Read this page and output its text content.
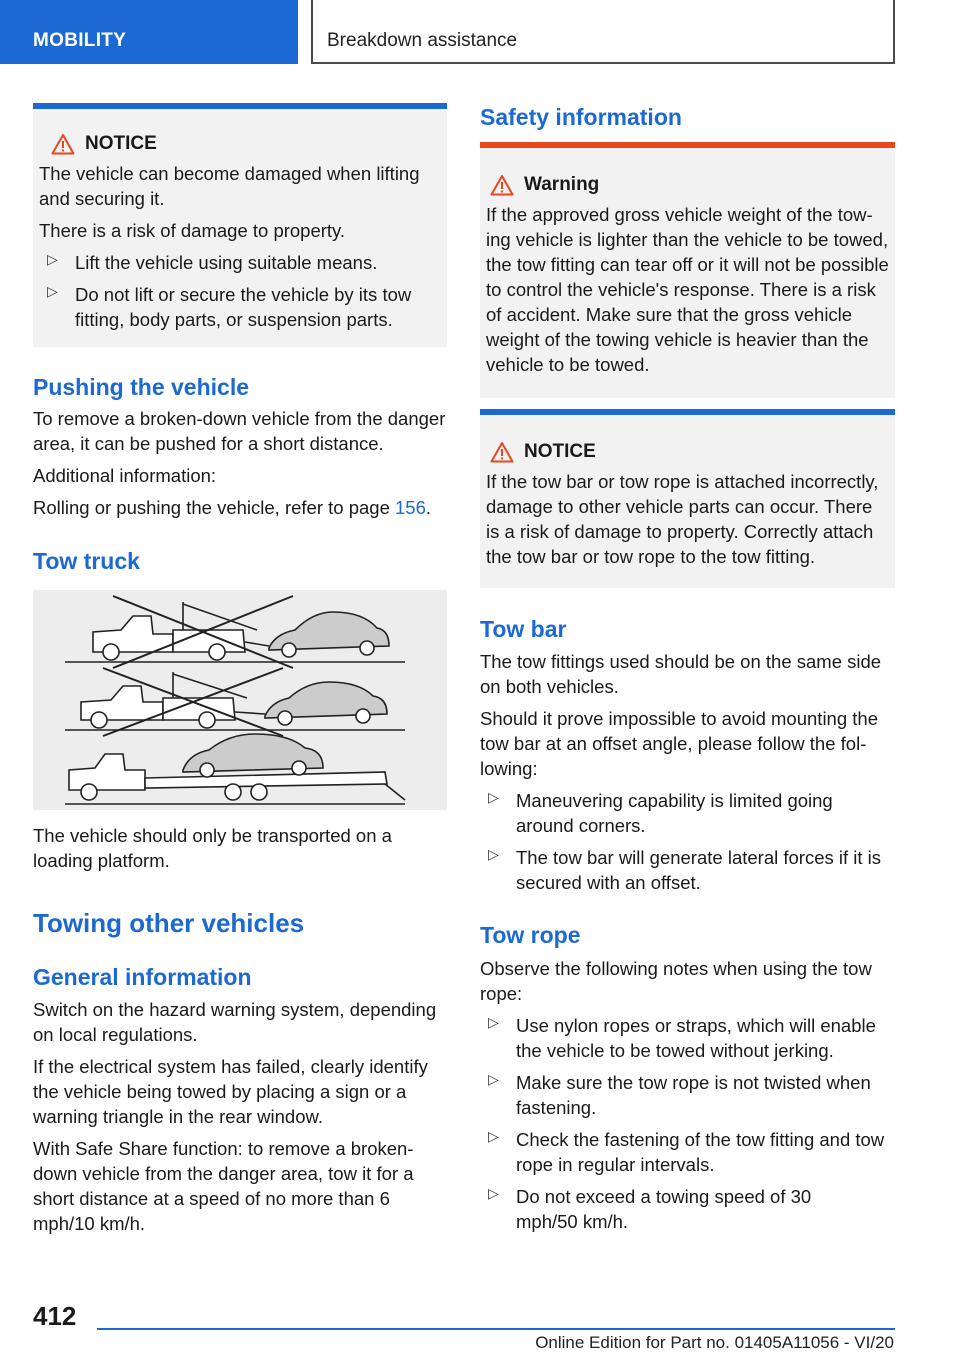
MOBILITY	Breakdown assistance
NOTICE

The vehicle can become damaged when lifting and securing it.

There is a risk of damage to property.

▷ Lift the vehicle using suitable means.

▷ Do not lift or secure the vehicle by its tow fitting, body parts, or suspension parts.

Pushing the vehicle

To remove a broken-down vehicle from the danger area, it can be pushed for a short distance.

Additional information:

Rolling or pushing the vehicle, refer to page 156.

Tow truck

The vehicle should only be transported on a loading platform.

Towing other vehicles
General information

Switch on the hazard warning system, depending on local regulations.

If the electrical system has failed, clearly identify the vehicle being towed by placing a sign or a warning triangle in the rear window.

With Safe Share function: to remove a broken-down vehicle from the danger area, tow it for a short distance at a speed of no more than 6 mph/10 km/h.

Safety information
Warning

If the approved gross vehicle weight of the towing vehicle is lighter than the vehicle to be towed, the tow fitting can tear off or it will not be possible to control the vehicle's response. There is a risk of accident. Make sure that the gross vehicle weight of the towing vehicle is heavier than the vehicle to be towed.

NOTICE

If the tow bar or tow rope is attached incorrectly, damage to other vehicle parts can occur. There is a risk of damage to property. Correctly attach the tow bar or tow rope to the tow fitting.

Tow bar

The tow fittings used should be on the same side on both vehicles.

Should it prove impossible to avoid mounting the tow bar at an offset angle, please follow the following:

▷ Maneuvering capability is limited going around corners.

▷ The tow bar will generate lateral forces if it is secured with an offset.

Tow rope

Observe the following notes when using the tow rope:

▷ Use nylon ropes or straps, which will enable the vehicle to be towed without jerking.

▷ Make sure the tow rope is not twisted when fastening.

▷ Check the fastening of the tow fitting and tow rope in regular intervals.

▷ Do not exceed a towing speed of 30 mph/50 km/h.

412
Online Edition for Part no. 01405A11056 - VI/20
